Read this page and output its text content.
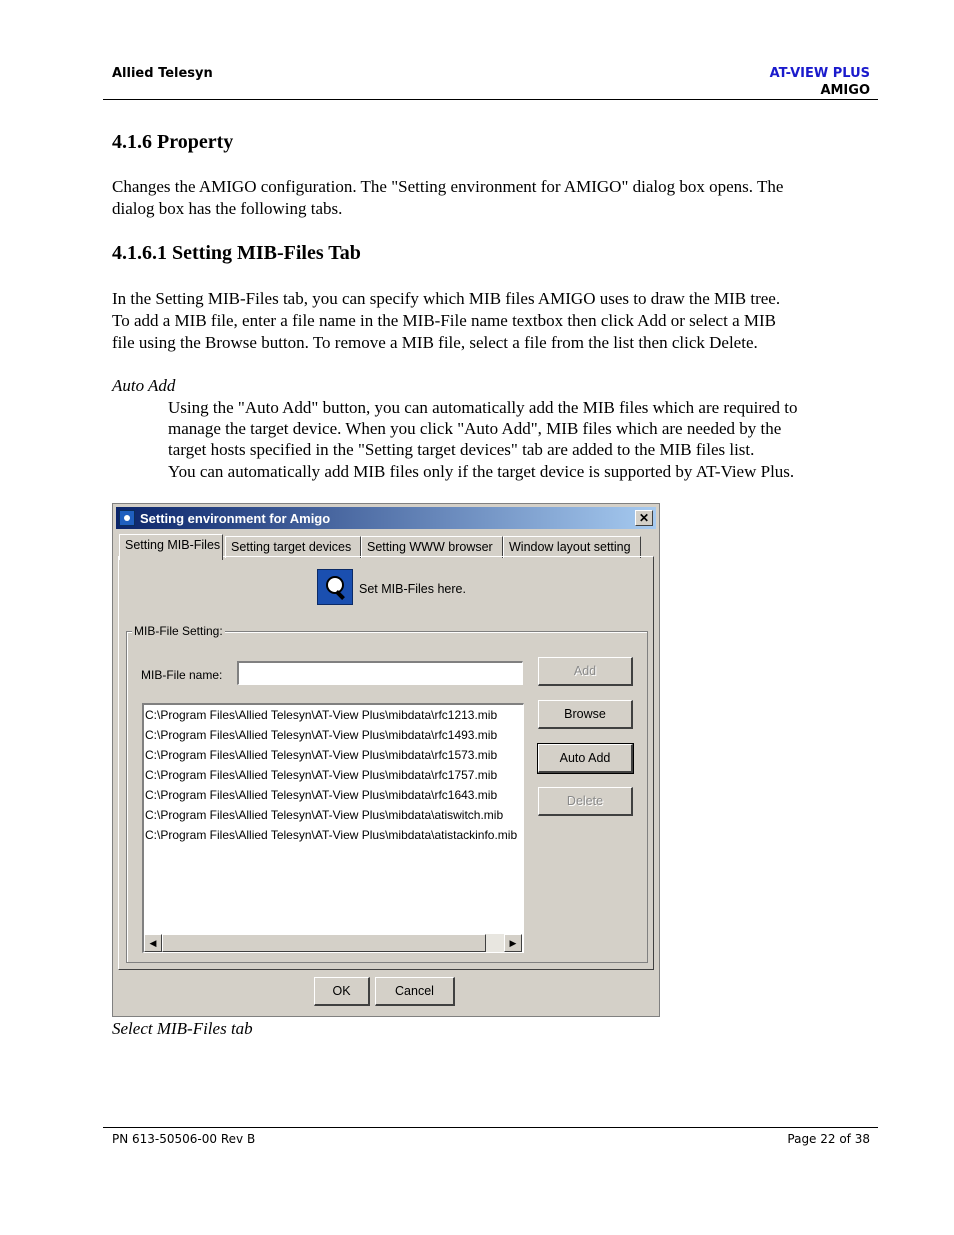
Allied Telesyn	AT-VIEW PLUS
AMIGO
4.1.6 Property

Changes the AMIGO configuration. The "Setting environment for AMIGO" dialog box opens. The

dialog box has the following tabs.

4.1.6.1 Setting MIB-Files Tab

In the Setting MIB-Files tab, you can specify which MIB files AMIGO uses to draw the MIB tree.

To add a MIB file, enter a file name in the MIB-File name textbox then click Add or select a MIB

file using the Browse button. To remove a MIB file, select a file from the list then click Delete.

Auto Add

Using the "Auto Add" button, you can automatically add the MIB files which are required to

manage the target device. When you click "Auto Add", MIB files which are needed by the

target hosts specified in the "Setting target devices" tab are added to the MIB files list.

You can automatically add MIB files only if the target device is supported by AT-View Plus.

Setting environment for Amigo	✕
Setting MIB-Files Setting target devices	Setting WWW browser	Window layout setting
Set MIB-Files here.
MIB-File Setting:
MIB-File name:	Add
Browse
Auto Add
Delete
C:\Program Files\Allied Telesyn\AT-View Plus\mibdata\rfc1213.mib
C:\Program Files\Allied Telesyn\AT-View Plus\mibdata\rfc1493.mib
C:\Program Files\Allied Telesyn\AT-View Plus\mibdata\rfc1573.mib
C:\Program Files\Allied Telesyn\AT-View Plus\mibdata\rfc1757.mib
C:\Program Files\Allied Telesyn\AT-View Plus\mibdata\rfc1643.mib
C:\Program Files\Allied Telesyn\AT-View Plus\mibdata\atiswitch.mib
C:\Program Files\Allied Telesyn\AT-View Plus\mibdata\atistackinfo.mib
◀	▶
OK	Cancel

Select MIB-Files tab

PN 613-50506-00 Rev B	Page 22 of 38
